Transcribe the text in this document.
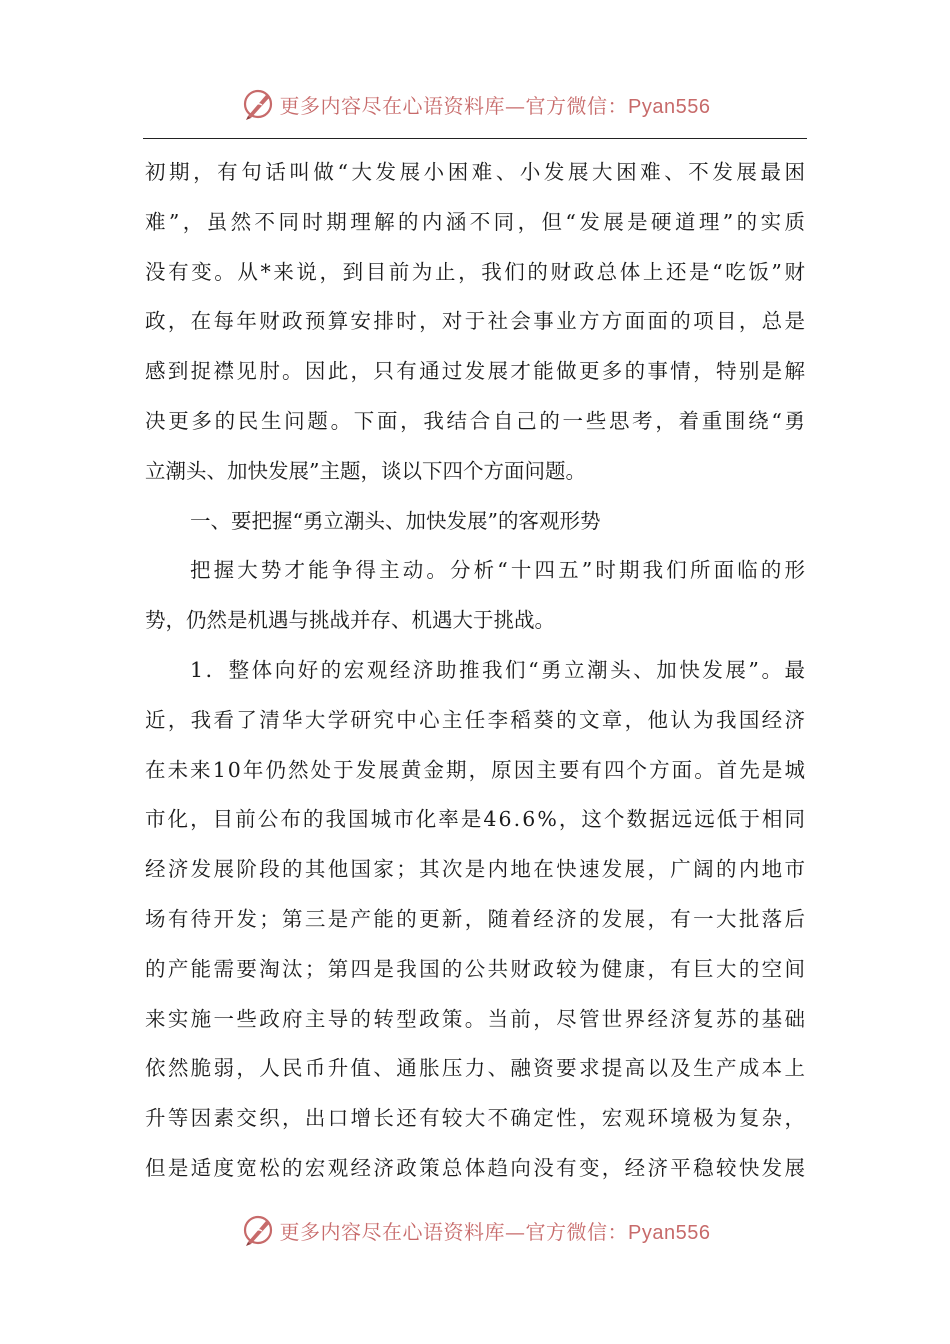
更多内容尽在心语资料库—官方微信：Pyan556
初期，有句话叫做“大发展小困难、小发展大困难、不发展最困
难”，虽然不同时期理解的内涵不同，但“发展是硬道理”的实质
没有变。从*来说，到目前为止，我们的财政总体上还是“吃饭”财
政，在每年财政预算安排时，对于社会事业方方面面的项目，总是
感到捉襟见肘。因此，只有通过发展才能做更多的事情，特别是解
决更多的民生问题。下面，我结合自己的一些思考，着重围绕“勇
立潮头、加快发展”主题，谈以下四个方面问题。
一、要把握“勇立潮头、加快发展”的客观形势
把握大势才能争得主动。分析“十四五”时期我们所面临的形
势，仍然是机遇与挑战并存、机遇大于挑战。
1．整体向好的宏观经济助推我们“勇立潮头、加快发展”。最
近，我看了清华大学研究中心主任李稻葵的文章，他认为我国经济
在未来10年仍然处于发展黄金期，原因主要有四个方面。首先是城
市化，目前公布的我国城市化率是46.6%，这个数据远远低于相同
经济发展阶段的其他国家；其次是内地在快速发展，广阔的内地市
场有待开发；第三是产能的更新，随着经济的发展，有一大批落后
的产能需要淘汰；第四是我国的公共财政较为健康，有巨大的空间
来实施一些政府主导的转型政策。当前，尽管世界经济复苏的基础
依然脆弱，人民币升值、通胀压力、融资要求提高以及生产成本上
升等因素交织，出口增长还有较大不确定性，宏观环境极为复杂，
但是适度宽松的宏观经济政策总体趋向没有变，经济平稳较快发展
更多内容尽在心语资料库—官方微信：Pyan556
